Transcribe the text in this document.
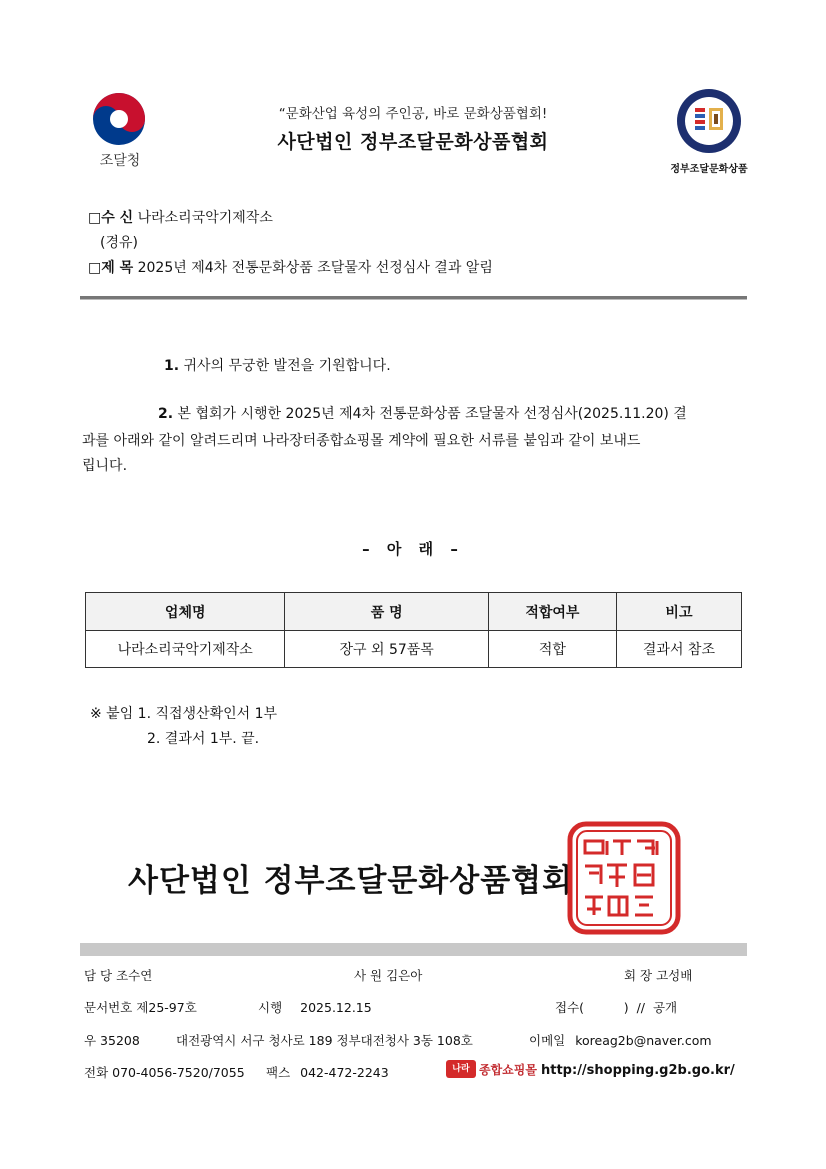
“문화산업 육성의 주인공, 바로 문화상품협회!
사단법인 정부조달문화상품협회
조달청
정부조달문화상품
□수 신 나라소리국악기제작소
(경유)
□제 목 2025년 제4차 전통문화상품 조달물자 선정심사 결과 알림
1. 귀사의 무궁한 발전을 기원합니다.
2. 본 협회가 시행한 2025년 제4차 전통문화상품 조달물자 선정심사(2025.11.20) 결
과를 아래와 같이 알려드리며 나라장터종합쇼핑몰 계약에 필요한 서류를 붙임과 같이 보내드
립니다.
– 아 래 –
업체명	품 명	적합여부	비고
나라소리국악기제작소	장구 외 57품목	적합	결과서 참조
※ 붙임 1. 직접생산확인서 1부
2. 결과서 1부. 끝.
사단법인 정부조달문화상품협회
담 당 조수연	사 원 김은아	회 장 고성배
문서번호 제25-97호	시행 2025.12.15	접수(          )  //  공개
우 35208	대전광역시 서구 청사로 189 정부대전청사 3동 108호	이메일 koreag2b@naver.com
전화 070-4056-7520/7055 팩스 042-472-2243	나라 종합쇼핑몰 http://shopping.g2b.go.kr/
